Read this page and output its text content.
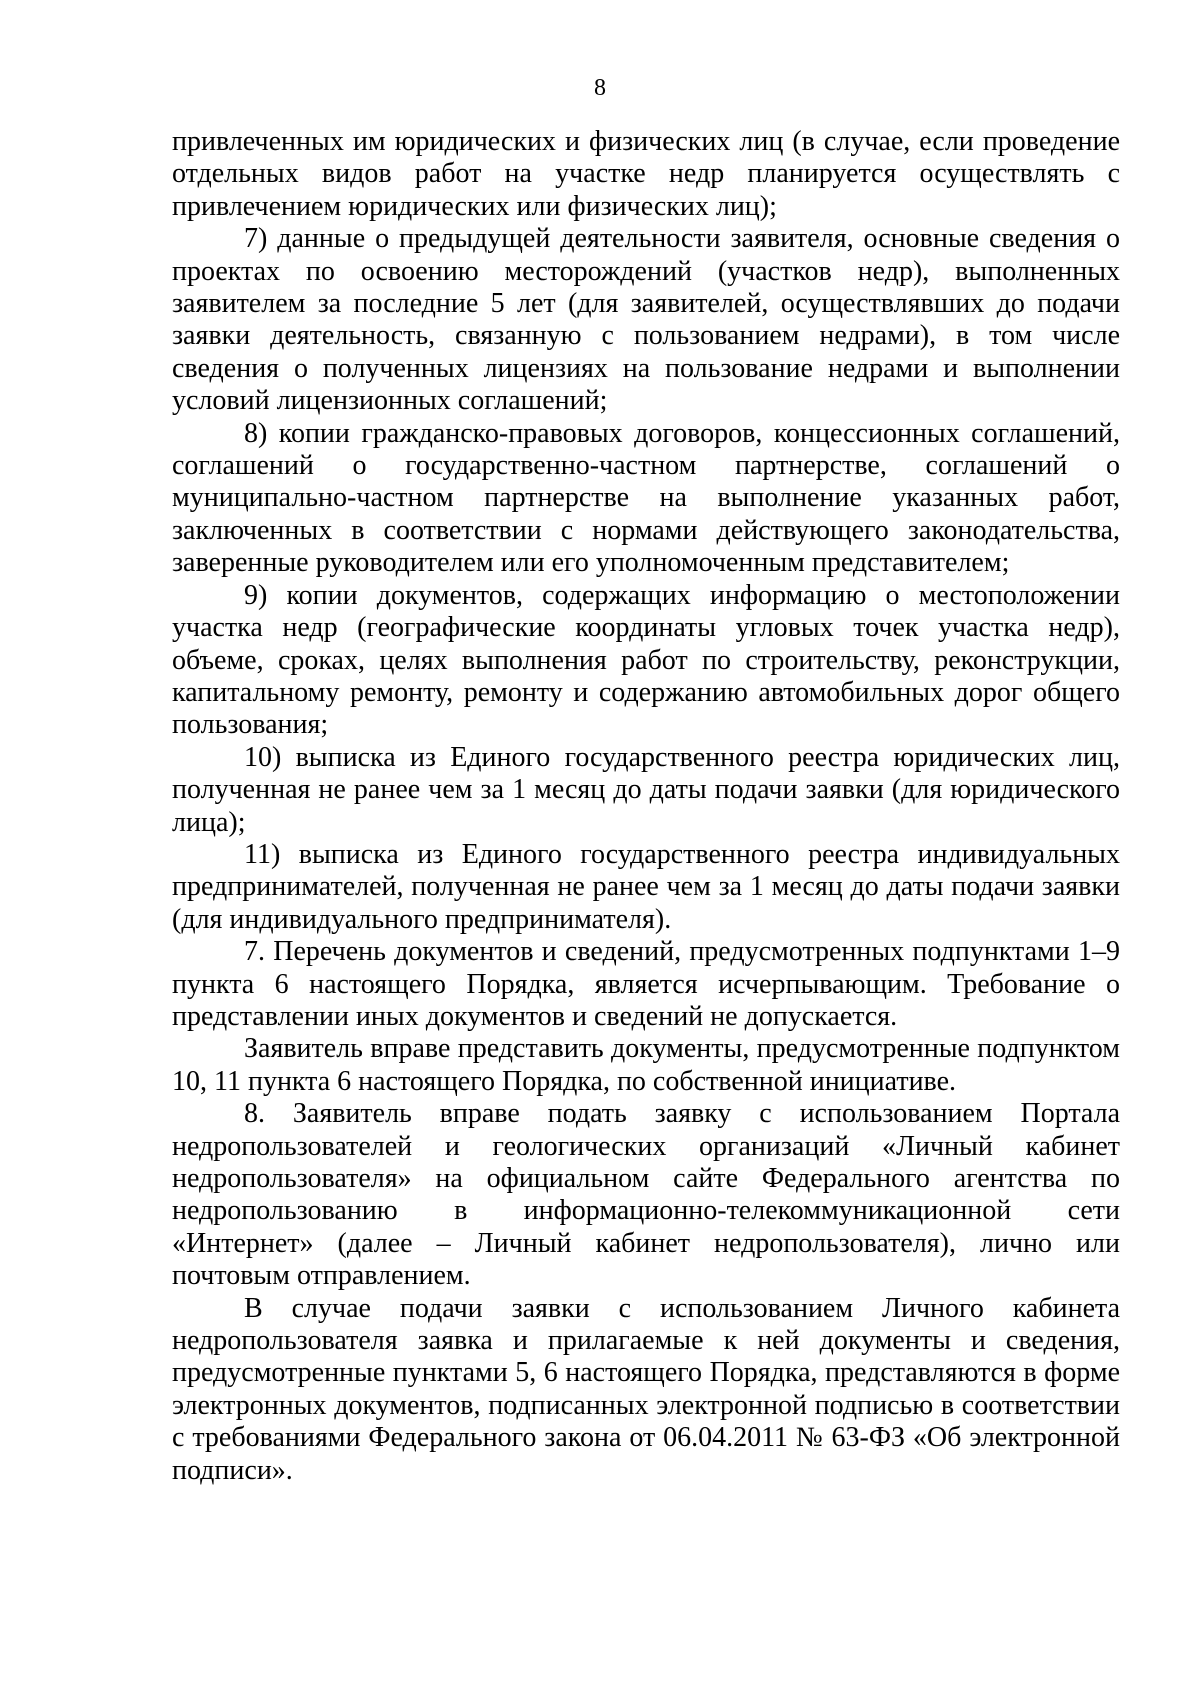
8

привлеченных им юридических и физических лиц (в случае, если проведение отдельных видов работ на участке недр планируется осуществлять с привлечением юридических или физических лиц);

7) данные о предыдущей деятельности заявителя, основные сведения о проектах по освоению месторождений (участков недр), выполненных заявителем за последние 5 лет (для заявителей, осуществлявших до подачи заявки деятельность, связанную с пользованием недрами), в том числе сведения о полученных лицензиях на пользование недрами и выполнении условий лицензионных соглашений;

8) копии гражданско-правовых договоров, концессионных соглашений, соглашений о государственно-частном партнерстве, соглашений о муниципально-частном партнерстве на выполнение указанных работ, заключенных в соответствии с нормами действующего законодательства, заверенные руководителем или его уполномоченным представителем;

9) копии документов, содержащих информацию о местоположении участка недр (географические координаты угловых точек участка недр), объеме, сроках, целях выполнения работ по строительству, реконструкции, капитальному ремонту, ремонту и содержанию автомобильных дорог общего пользования;

10) выписка из Единого государственного реестра юридических лиц, полученная не ранее чем за 1 месяц до даты подачи заявки (для юридического лица);

11) выписка из Единого государственного реестра индивидуальных предпринимателей, полученная не ранее чем за 1 месяц до даты подачи заявки (для индивидуального предпринимателя).

7. Перечень документов и сведений, предусмотренных подпунктами 1–9 пункта 6 настоящего Порядка, является исчерпывающим. Требование о представлении иных документов и сведений не допускается.

Заявитель вправе представить документы, предусмотренные подпунктом 10, 11 пункта 6 настоящего Порядка, по собственной инициативе.

8. Заявитель вправе подать заявку с использованием Портала недропользователей и геологических организаций «Личный кабинет недропользователя» на официальном сайте Федерального агентства по недропользованию в информационно-телекоммуникационной сети «Интернет» (далее – Личный кабинет недропользователя), лично или почтовым отправлением.

В случае подачи заявки с использованием Личного кабинета недропользователя заявка и прилагаемые к ней документы и сведения, предусмотренные пунктами 5, 6 настоящего Порядка, представляются в форме электронных документов, подписанных электронной подписью в соответствии с требованиями Федерального закона от 06.04.2011 № 63-ФЗ «Об электронной подписи».
